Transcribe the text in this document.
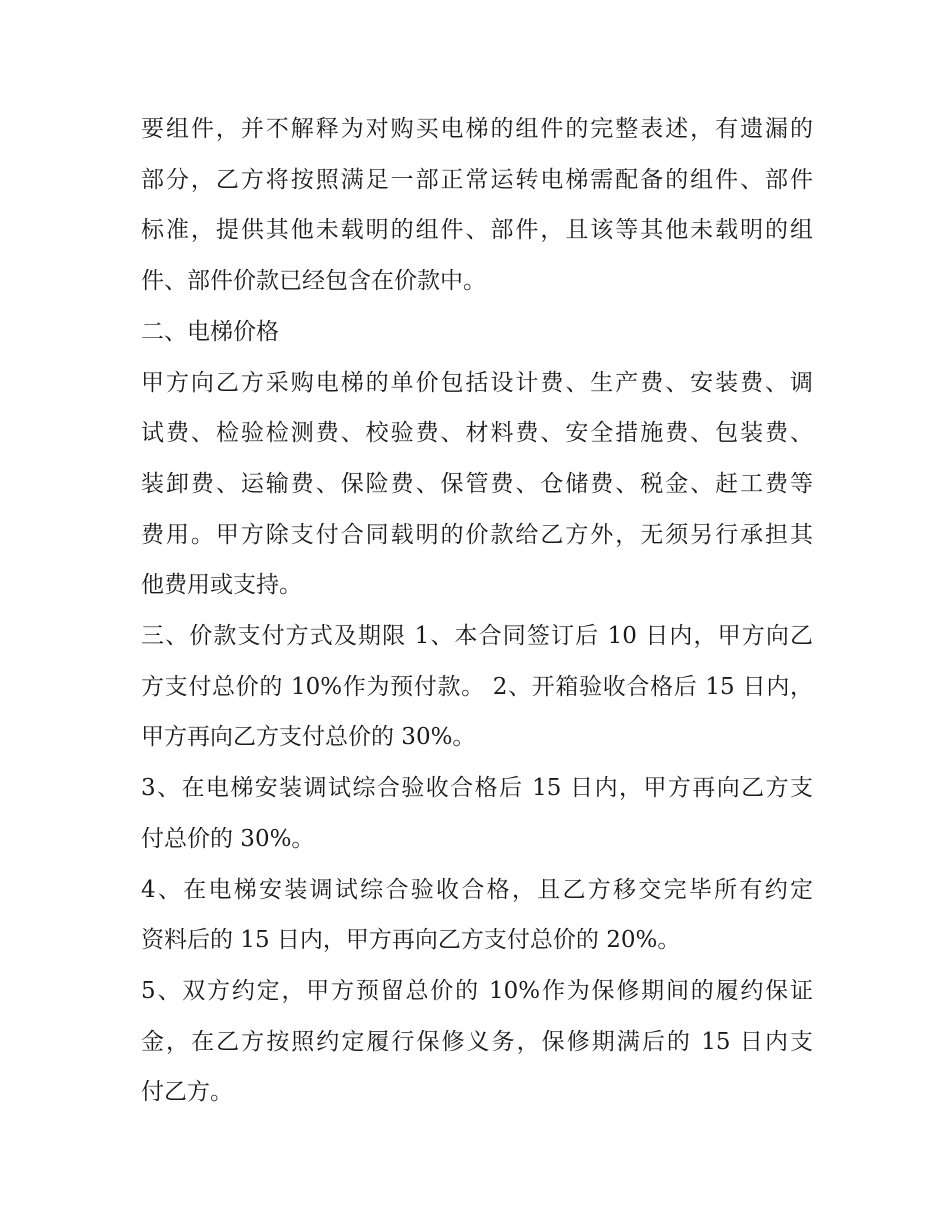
要组件，并不解释为对购买电梯的组件的完整表述，有遗漏的
部分，乙方将按照满足一部正常运转电梯需配备的组件、部件
标准，提供其他未载明的组件、部件，且该等其他未载明的组
件、部件价款已经包含在价款中。
二、电梯价格
甲方向乙方采购电梯的单价包括设计费、生产费、安装费、调
试费、检验检测费、校验费、材料费、安全措施费、包装费、
装卸费、运输费、保险费、保管费、仓储费、税金、赶工费等
费用。甲方除支付合同载明的价款给乙方外，无须另行承担其
他费用或支持。
三、价款支付方式及期限 1、本合同签订后 10 日内，甲方向乙
方支付总价的 10%作为预付款。 2、开箱验收合格后 15 日内，
甲方再向乙方支付总价的 30%。
3、在电梯安装调试综合验收合格后 15 日内，甲方再向乙方支
付总价的 30%。
4、在电梯安装调试综合验收合格，且乙方移交完毕所有约定
资料后的 15 日内，甲方再向乙方支付总价的 20%。
5、双方约定，甲方预留总价的 10%作为保修期间的履约保证
金，在乙方按照约定履行保修义务，保修期满后的 15 日内支
付乙方。
